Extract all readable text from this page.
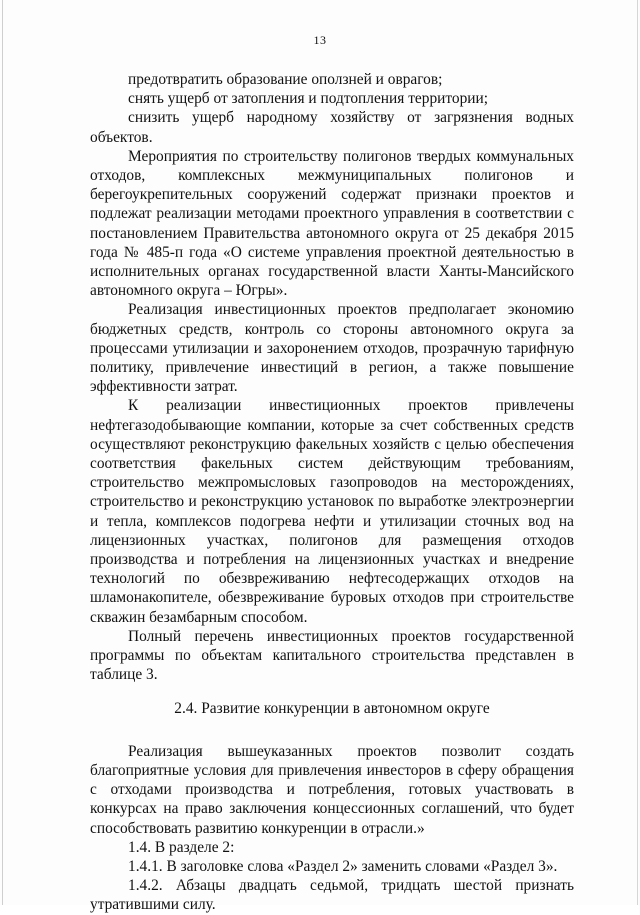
13

предотвратить образование оползней и оврагов;

снять ущерб от затопления и подтопления территории;

снизить ущерб народному хозяйству от загрязнения водных объектов.

Мероприятия по строительству полигонов твердых коммунальных отходов, комплексных межмуниципальных полигонов и берегоукрепительных сооружений содержат признаки проектов и подлежат реализации методами проектного управления в соответствии с постановлением Правительства автономного округа от 25 декабря 2015 года № 485-п года «О системе управления проектной деятельностью в исполнительных органах государственной власти Ханты-Мансийского автономного округа – Югры».

Реализация инвестиционных проектов предполагает экономию бюджетных средств, контроль со стороны автономного округа за процессами утилизации и захоронением отходов, прозрачную тарифную политику, привлечение инвестиций в регион, а также повышение эффективности затрат.

К реализации инвестиционных проектов привлечены нефтегазодобывающие компании, которые за счет собственных средств осуществляют реконструкцию факельных хозяйств с целью обеспечения соответствия факельных систем действующим требованиям, строительство межпромысловых газопроводов на месторождениях, строительство и реконструкцию установок по выработке электроэнергии и тепла, комплексов подогрева нефти и утилизации сточных вод на лицензионных участках, полигонов для размещения отходов производства и потребления на лицензионных участках и внедрение технологий по обезвреживанию нефтесодержащих отходов на шламонакопителе, обезвреживание буровых отходов при строительстве скважин безамбарным способом.

Полный перечень инвестиционных проектов государственной программы по объектам капитального строительства представлен в таблице 3.

2.4. Развитие конкуренции в автономном округе

Реализация вышеуказанных проектов позволит создать благоприятные условия для привлечения инвесторов в сферу обращения с отходами производства и потребления, готовых участвовать в конкурсах на право заключения концессионных соглашений, что будет способствовать развитию конкуренции в отрасли.»

1.4. В разделе 2:

1.4.1. В заголовке слова «Раздел 2» заменить словами «Раздел 3».

1.4.2. Абзацы двадцать седьмой, тридцать шестой признать утратившими силу.
